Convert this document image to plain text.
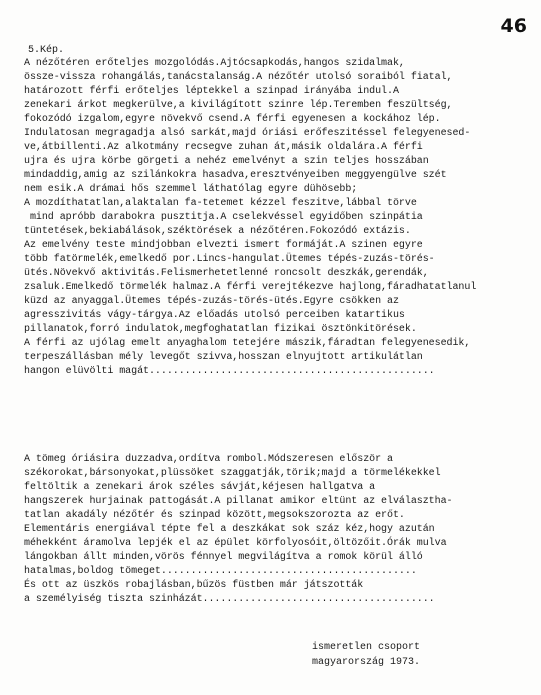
46
5.Kép.
A nézőtéren erőteljes mozgolódás.Ajtócsapkodás,hangos szidalmak,
össze-vissza rohangálás,tanácstalanság.A nézőtér utolsó soraiból fiatal,
határozott férfi erőteljes léptekkel a szinpad irányába indul.A
zenekari árkot megkerülve,a kivilágított szinre lép.Teremben feszültség,
fokozódó izgalom,egyre növekvő csend.A férfi egyenesen a kockához lép.
Indulatosan megragadja alsó sarkát,majd óriási erőfeszitéssel felegyenesed-
ve,átbillenti.Az alkotmány recsegve zuhan át,másik oldalára.A férfi
ujra és ujra körbe görgeti a nehéz emelvényt a szin teljes hosszában
mindaddig,amig az szilánkokra hasadva,eresztvényeiben meggyengülve szét
nem esik.A drámai hős szemmel láthatólag egyre dühösebb;
A mozdíthatatlan,alaktalan fa-tetemet kézzel feszitve,lábbal törve
mind apróbb darabokra pusztitja.A cselekvéssel egyidőben szinpátia
tüntetések,bekiabálások,széktörések a nézőtéren.Fokozódó extázis.
Az emelvény teste mindjobban elvezti ismert formáját.A szinen egyre
több fatörmelék,emelkedő por.Lincs-hangulat.Ütemes tépés-zuzás-törés-
ütés.Növekvő aktivitás.Felismerhetetlenné roncsolt deszkák,gerendák,
zsaluk.Emelkedő törmelék halmaz.A férfi verejtékezve hajlong,fáradhatatlanul
küzd az anyaggal.Ütemes tépés-zuzás-törés-ütés.Egyre csökken az
agresszivitás vágy-tárgya.Az előadás utolsó perceiben katartikus
pillanatok,forró indulatok,megfoghatatlan fizikai ösztönkitörések.
A férfi az ujólag emelt anyaghalom tetejére mászik,fáradtan felegyenesedik,
terpeszállásban mély levegőt szivva,hosszan elnyujtott artikulátlan
hangon elüvölti magát................................................
A tömeg óriásira duzzadva,ordítva rombol.Módszeresen először a
székorokat,bársonyokat,plüssöket szaggatják,törik;majd a törmelékekkel
feltöltik a zenekari árok széles sávját,kéjesen hallgatva a
hangszerek hurjainak pattogását.A pillanat amikor eltünt az elválasztha-
tatlan akadály nézőtér és szinpad között,megsokszorozta az erőt.
Elementáris energiával tépte fel a deszkákat sok száz kéz,hogy azután
méhekként áramolva lepjék el az épület körfolyosóit,öltözőit.Órák mulva
lángokban állt minden,vörös fénnyel megvilágítva a romok körül álló
hatalmas,boldog tömeget...........................................
És ott az üszkös robajlásban,bűzös füstben már játszották
a személyiség tiszta szinházát.......................................
ismeretlen csoport
magyarország 1973.
